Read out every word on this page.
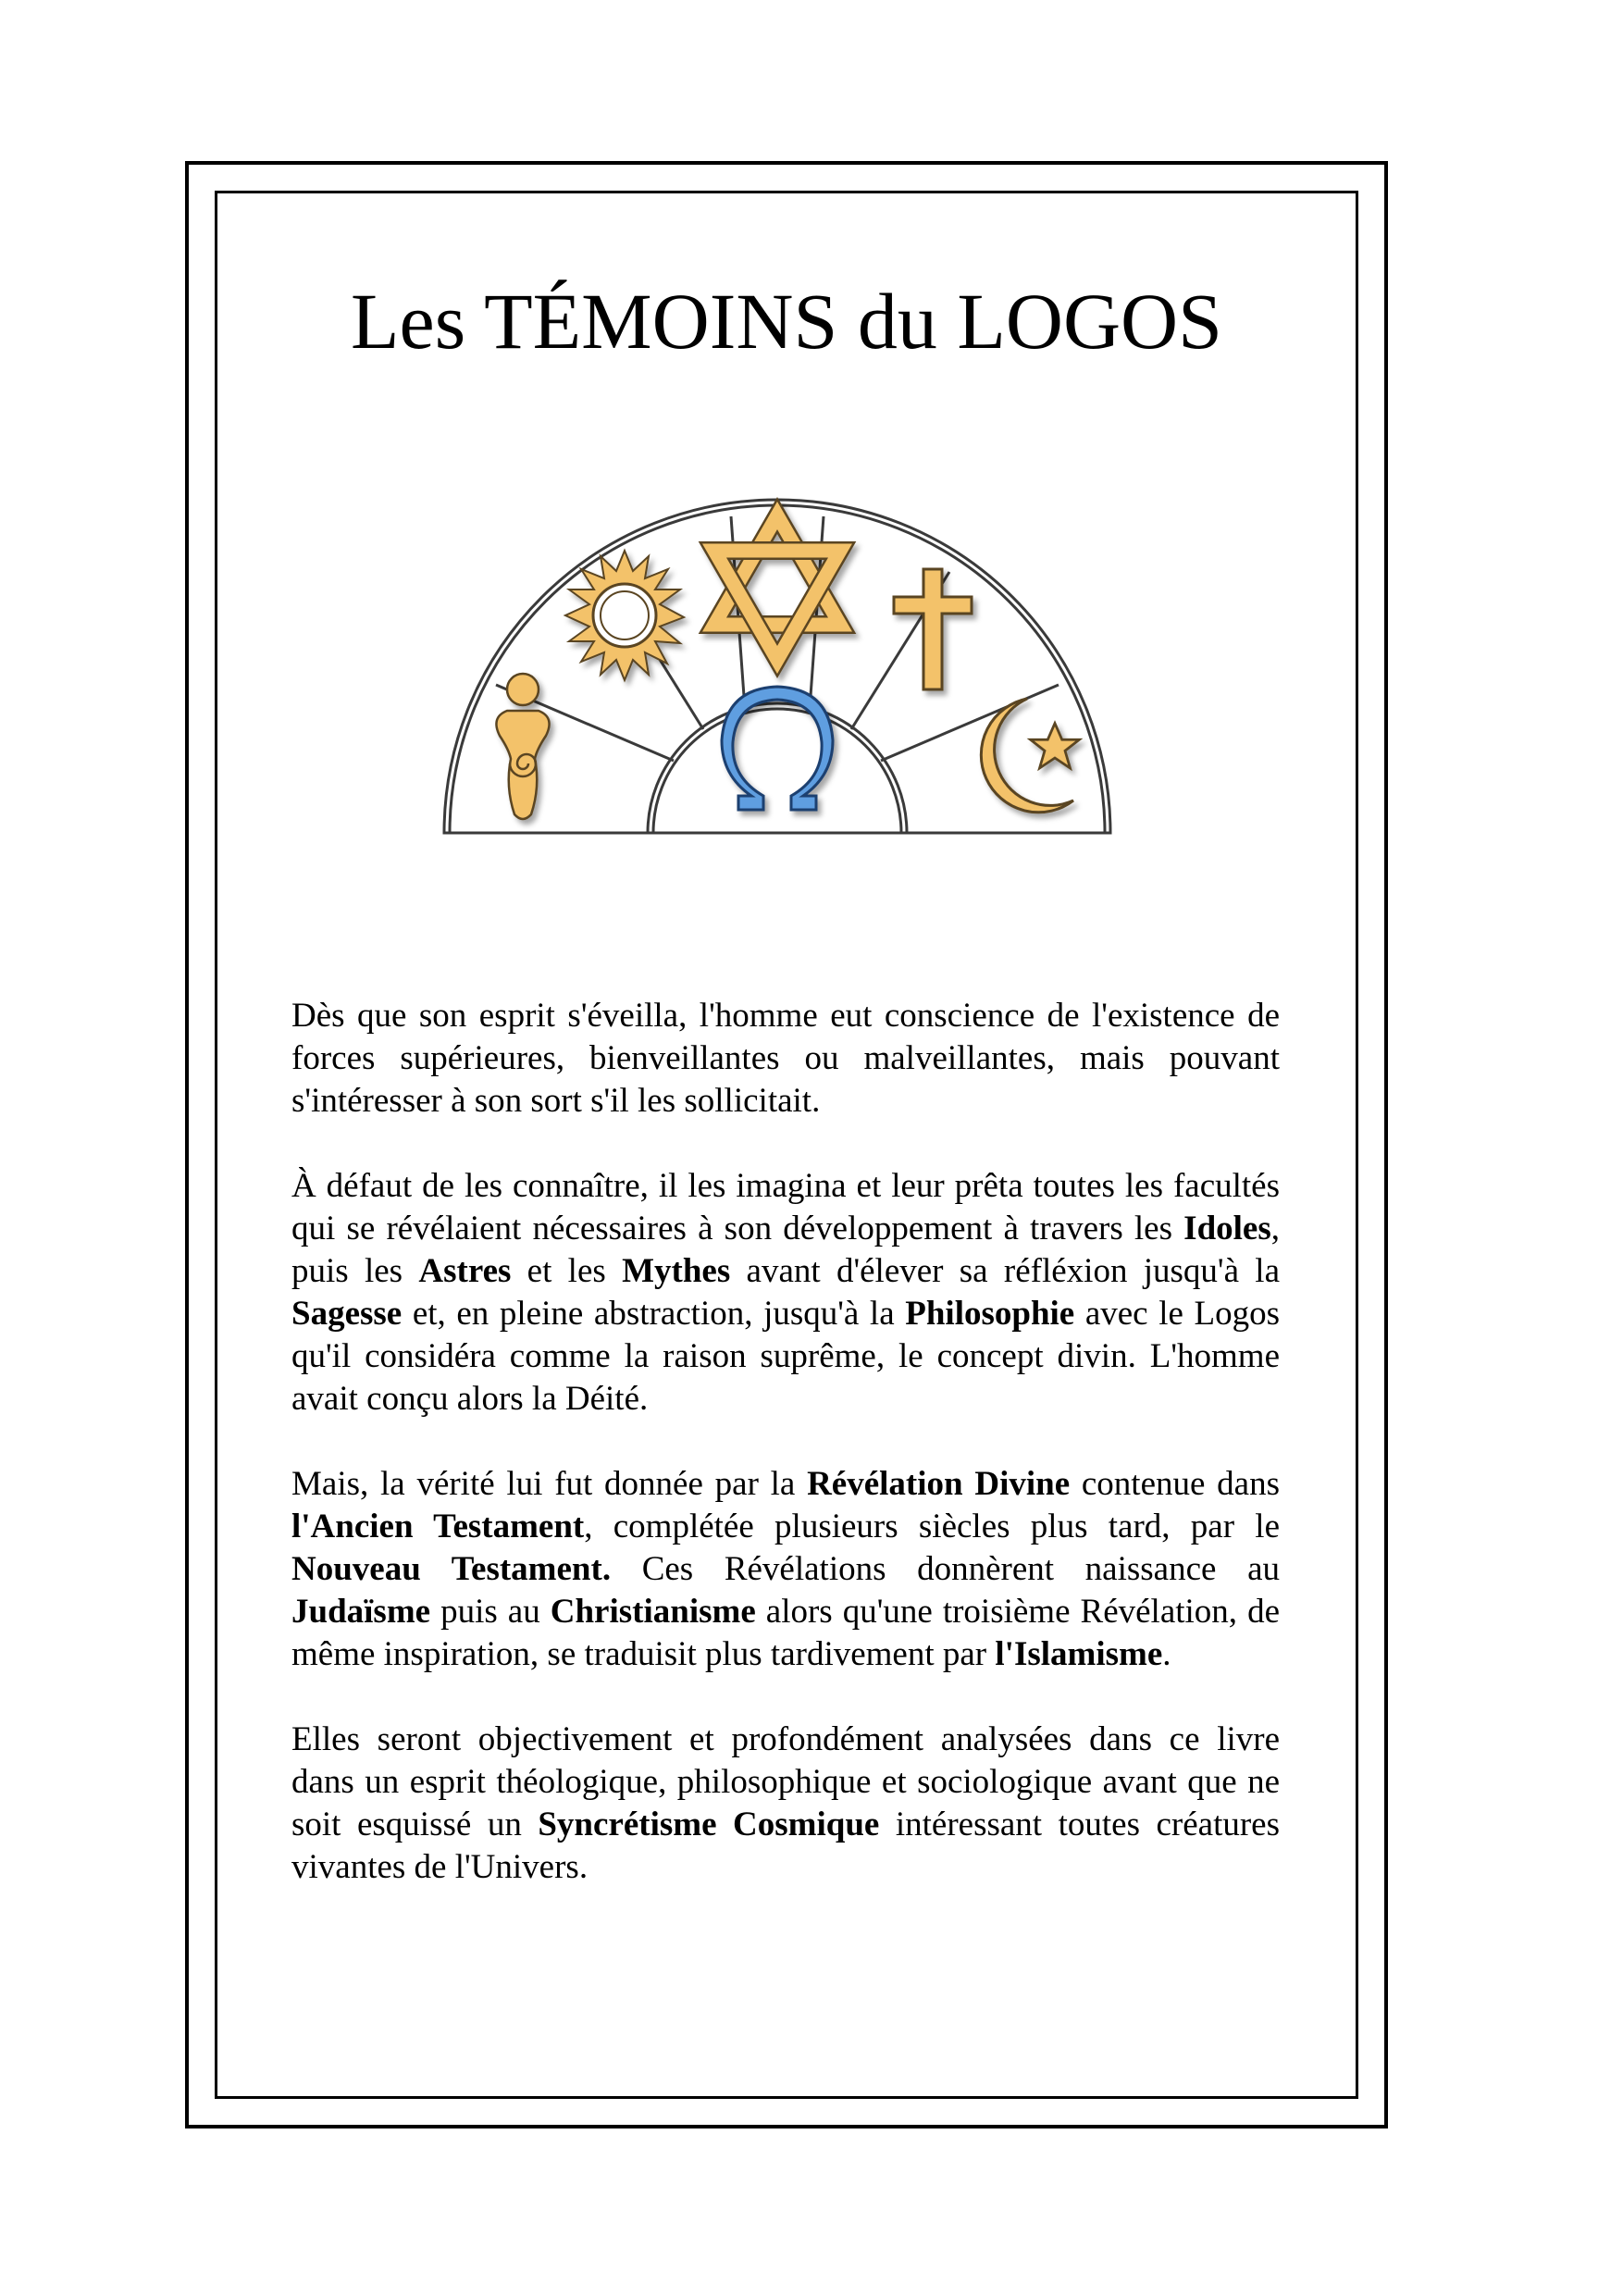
Les TÉMOINS du LOGOS

Dès que son esprit s'éveilla, l'homme eut conscience de l'existence de forces supérieures, bienveillantes ou malveillantes, mais pouvant s'intéresser à son sort s'il les sollicitait.

À défaut de les connaître, il les imagina et leur prêta toutes les facultés qui se révélaient nécessaires à son développement à travers les Idoles, puis les Astres et les Mythes avant d'élever sa réfléxion jusqu'à la Sagesse et, en pleine abstraction, jusqu'à la Philosophie avec le Logos qu'il considéra comme la raison suprême, le concept divin. L'homme avait conçu alors la Déité.

Mais, la vérité lui fut donnée par la Révélation Divine contenue dans l'Ancien Testament, complétée plusieurs siècles plus tard, par le Nouveau Testament. Ces Révélations donnèrent naissance au Judaïsme puis au Christianisme alors qu'une troisième Révélation, de même inspiration, se traduisit plus tardivement par l'Islamisme.

Elles seront objectivement et profondément analysées dans ce livre dans un esprit théologique, philosophique et sociologique avant que ne soit esquissé un Syncrétisme Cosmique intéressant toutes créatures vivantes de l'Univers.
